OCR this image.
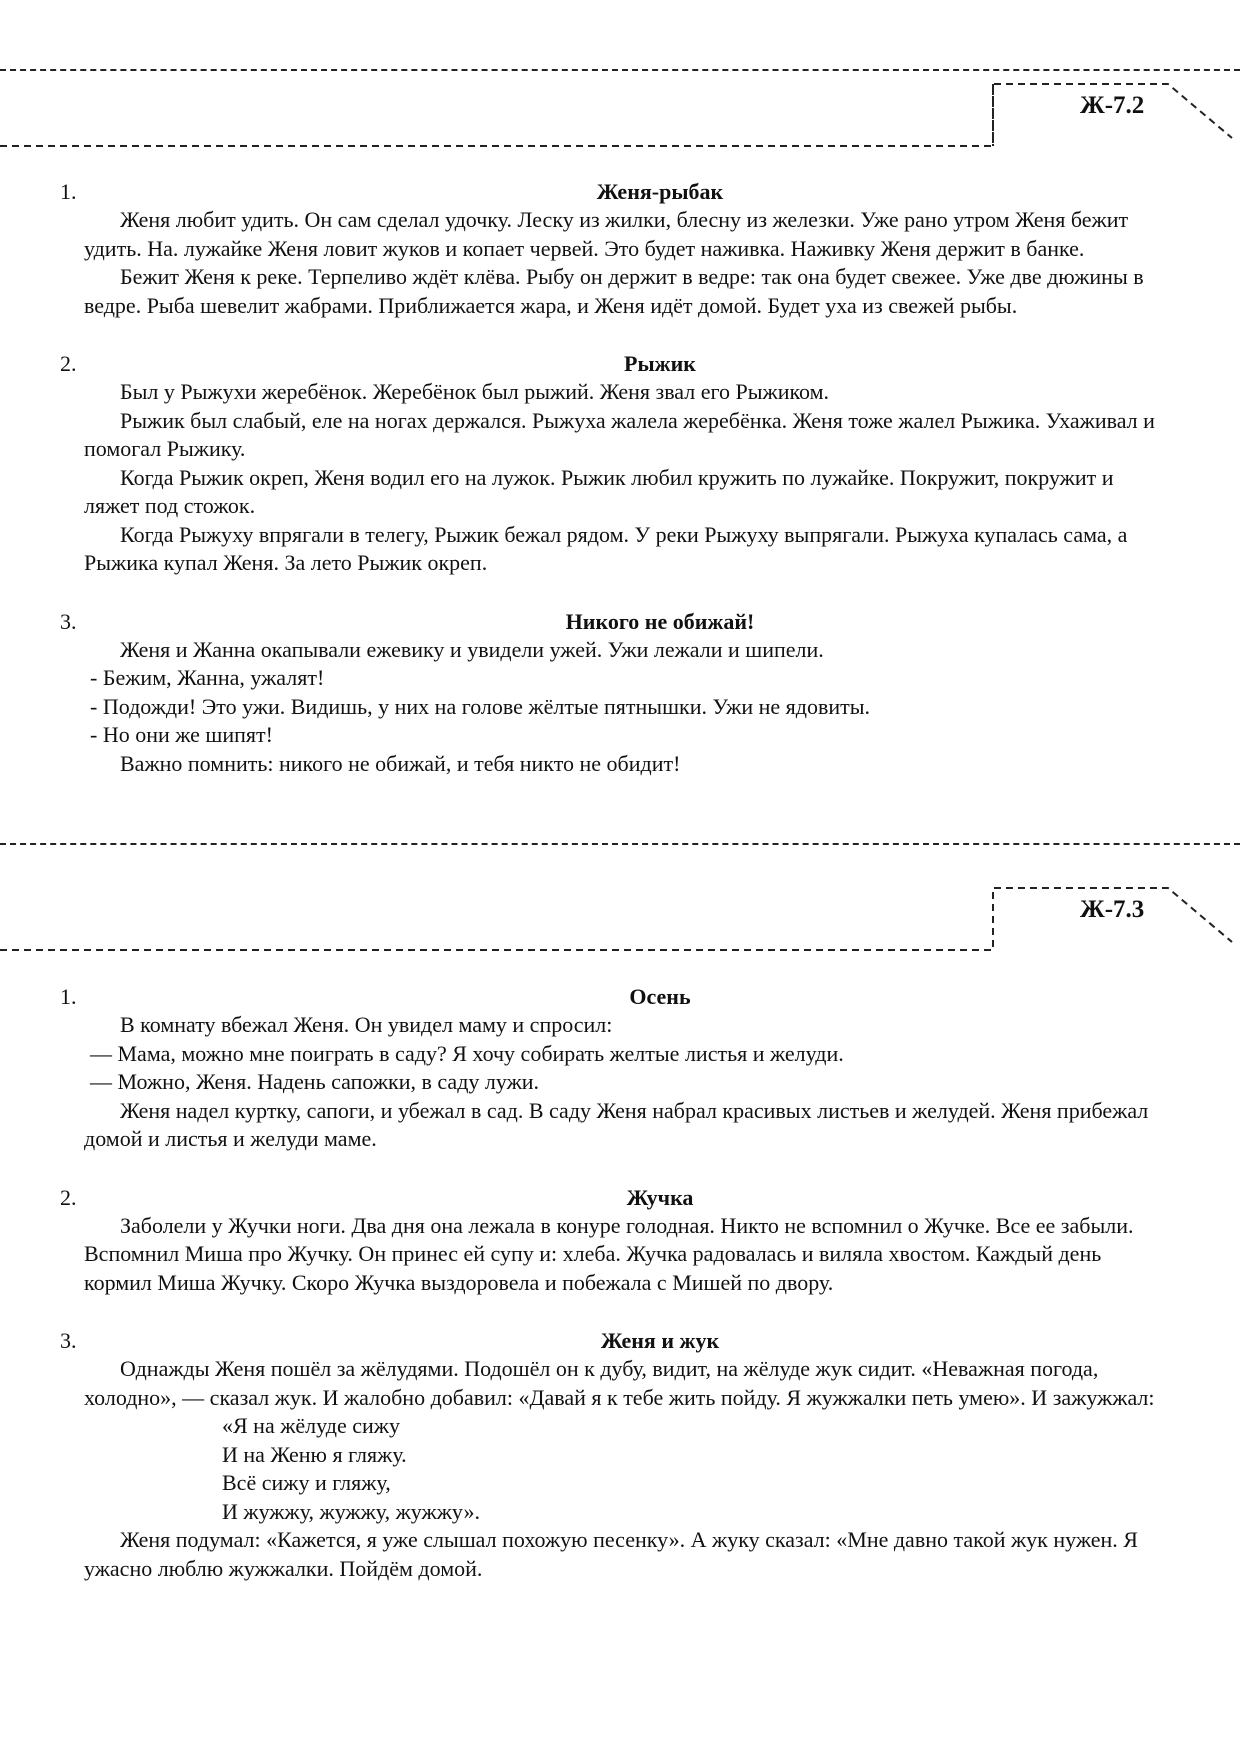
Ж-7.2
1.	Женя-рыбак

Женя любит удить. Он сам сделал удочку. Леску из жилки, блесну из железки. Уже рано утром Женя бежит удить. На. лужайке Женя ловит жуков и копает червей. Это будет наживка. Наживку Женя держит в банке.

Бежит Женя к реке. Терпеливо ждёт клёва. Рыбу он держит в ведре: так она будет свежее. Уже две дюжины в ведре. Рыба шевелит жабрами. Приближается жара, и Женя идёт домой. Будет уха из свежей рыбы.

2.	Рыжик

Был у Рыжухи жеребёнок. Жеребёнок был рыжий. Женя звал его Рыжиком.

Рыжик был слабый, еле на ногах держался. Рыжуха жалела жеребёнка. Женя тоже жалел Рыжика. Ухаживал и помогал Рыжику.

Когда Рыжик окреп, Женя водил его на лужок. Рыжик любил кружить по лужайке. Покружит, покружит и ляжет под стожок.

Когда Рыжуху впрягали в телегу, Рыжик бежал рядом. У реки Рыжуху выпрягали. Рыжуха купалась сама, а Рыжика купал Женя. За лето Рыжик окреп.

3.	Никого не обижай!

Женя и Жанна окапывали ежевику и увидели ужей. Ужи лежали и шипели.

- Бежим, Жанна, ужалят!

- Подожди! Это ужи. Видишь, у них на голове жёлтые пятнышки. Ужи не ядовиты.

- Но они же шипят!

Важно помнить: никого не обижай, и тебя никто не обидит!

Ж-7.3
1.	Осень

В комнату вбежал Женя. Он увидел маму и спросил:

— Мама, можно мне поиграть в саду? Я хочу собирать желтые листья и желуди.

— Можно, Женя. Надень сапожки, в саду лужи.

Женя надел куртку, сапоги, и убежал в сад. В саду Женя набрал красивых листьев и желудей. Женя прибежал домой и листья и желуди маме.

2.	Жучка

Заболели у Жучки ноги. Два дня она лежала в конуре голодная. Никто не вспомнил о Жучке. Все ее забыли. Вспомнил Миша про Жучку. Он принес ей супу и: хлеба. Жучка радовалась и виляла хвостом. Каждый день кормил Миша Жучку. Скоро Жучка выздоровела и побежала с Мишей по двору.

3.	Женя и жук

Однажды Женя пошёл за жёлудями. Подошёл он к дубу, видит, на жёлуде жук сидит. «Неважная погода, холодно», — сказал жук. И жалобно добавил: «Давай я к тебе жить пойду. Я жужжалки петь умею». И зажужжал:

«Я на жёлуде сижу
И на Женю я гляжу.
Всё сижу и гляжу,
И жужжу, жужжу, жужжу».

Женя подумал: «Кажется, я уже слышал похожую песенку». А жуку сказал: «Мне давно такой жук нужен. Я ужасно люблю жужжалки. Пойдём домой.
